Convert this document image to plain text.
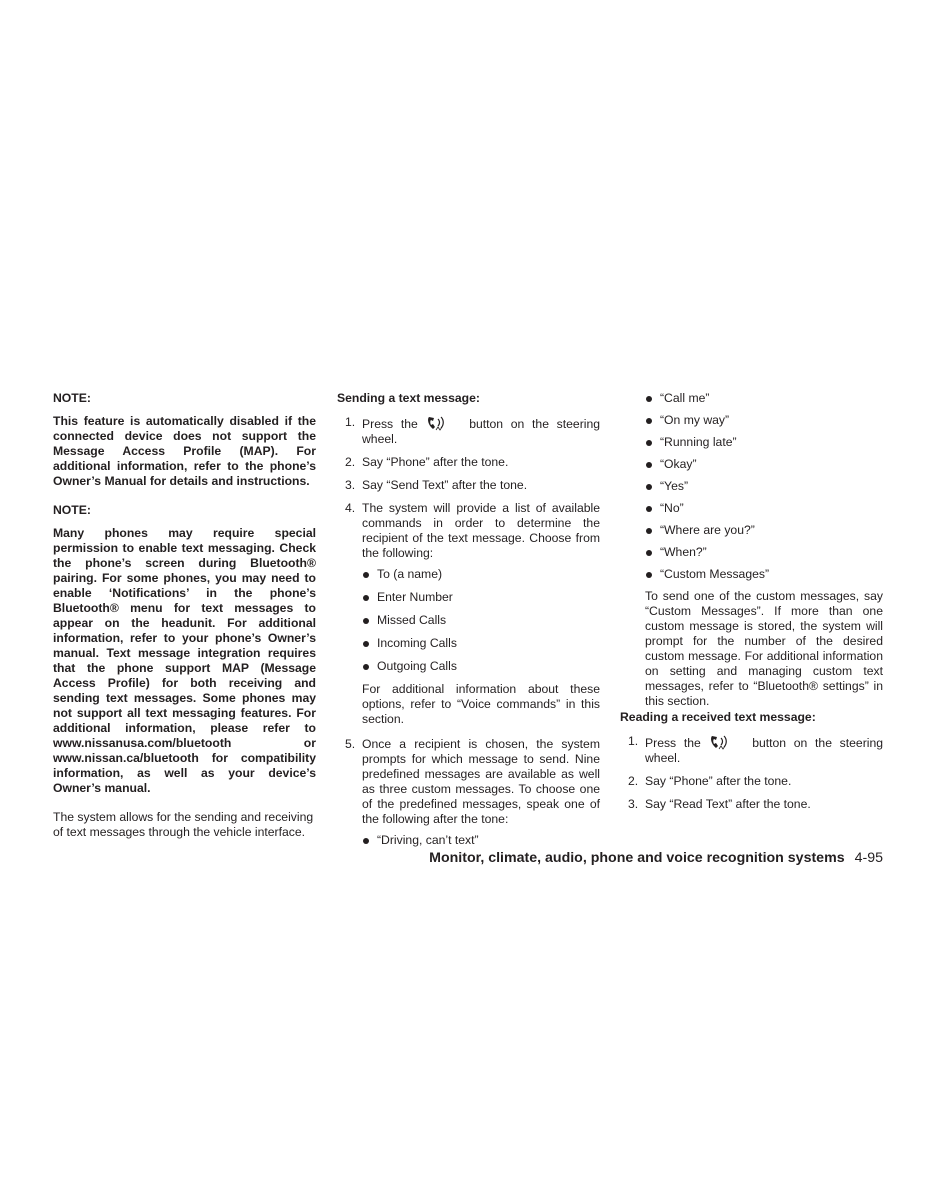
NOTE:

This feature is automatically disabled if the connected device does not support the Message Access Profile (MAP). For additional information, refer to the phone’s Owner’s Manual for details and instructions.

NOTE:

Many phones may require special permission to enable text messaging. Check the phone’s screen during Bluetooth® pairing. For some phones, you may need to enable ‘Notifications’ in the phone’s Bluetooth® menu for text messages to appear on the headunit. For additional information, refer to your phone’s Owner’s manual. Text message integration requires that the phone support MAP (Message Access Profile) for both receiving and sending text messages. Some phones may not support all text messaging features. For additional information, please refer to www.nissanusa.com/bluetooth or www.nissan.ca/bluetooth for compatibility information, as well as your device’s Owner’s manual.

The system allows for the sending and receiving of text messages through the vehicle interface.

Sending a text message:

1. Press the	button on the steering wheel.
2. Say “Phone” after the tone.
3. Say “Send Text” after the tone.
4. The system will provide a list of available commands in order to determine the recipient of the text message. Choose from the following:
To (a name)
Enter Number
Missed Calls
Incoming Calls
Outgoing Calls

For additional information about these options, refer to “Voice commands” in this section.

5. Once a recipient is chosen, the system prompts for which message to send. Nine predefined messages are available as well as three custom messages. To choose one of the predefined messages, speak one of the following after the tone:
“Driving, can’t text”
“Call me”
“On my way”
“Running late”
“Okay”
“Yes”
“No”
“Where are you?”
“When?”
“Custom Messages”

To send one of the custom messages, say “Custom Messages”. If more than one custom message is stored, the system will prompt for the number of the desired custom message. For additional information on setting and managing custom text messages, refer to “Bluetooth® settings” in this section.

Reading a received text message:

1. Press the	button on the steering wheel.
2. Say “Phone” after the tone.
3. Say “Read Text” after the tone.
Monitor, climate, audio, phone and voice recognition systems 4-95
